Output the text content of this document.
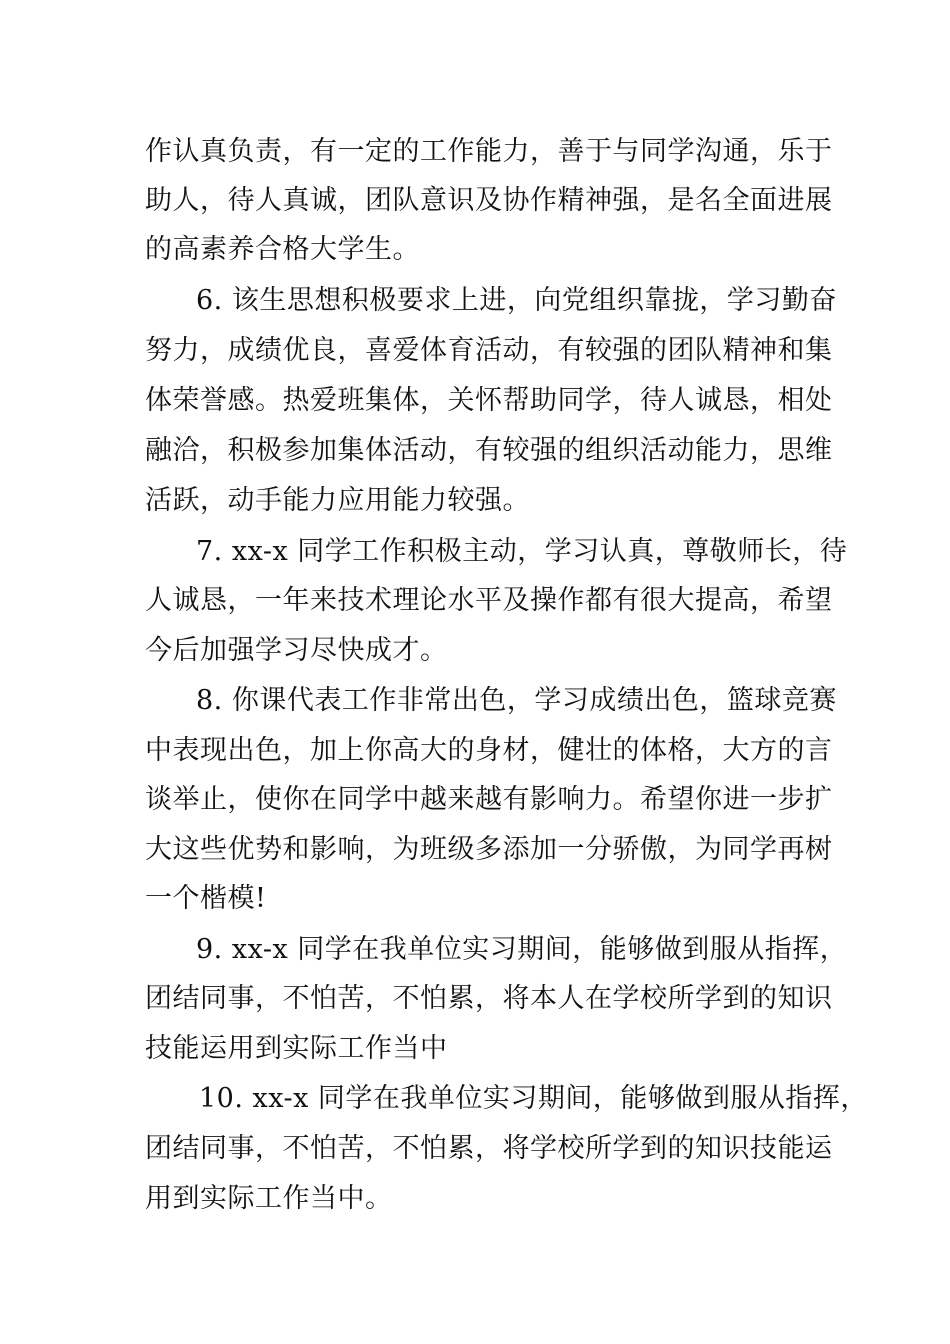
作认真负责，有一定的工作能力，善于与同学沟通，乐于
助人，待人真诚，团队意识及协作精神强，是名全面进展
的高素养合格大学生。
6. 该生思想积极要求上进，向党组织靠拢，学习勤奋
努力，成绩优良，喜爱体育活动，有较强的团队精神和集
体荣誉感。热爱班集体，关怀帮助同学，待人诚恳，相处
融洽，积极参加集体活动，有较强的组织活动能力，思维
活跃，动手能力应用能力较强。
7. xx-x 同学工作积极主动，学习认真，尊敬师长，待
人诚恳，一年来技术理论水平及操作都有很大提高，希望
今后加强学习尽快成才。
8. 你课代表工作非常出色，学习成绩出色，篮球竞赛
中表现出色，加上你高大的身材，健壮的体格，大方的言
谈举止，使你在同学中越来越有影响力。希望你进一步扩
大这些优势和影响，为班级多添加一分骄傲，为同学再树
一个楷模!
9. xx-x 同学在我单位实习期间，能够做到服从指挥，
团结同事，不怕苦，不怕累，将本人在学校所学到的知识
技能运用到实际工作当中
10. xx-x 同学在我单位实习期间，能够做到服从指挥，
团结同事，不怕苦，不怕累，将学校所学到的知识技能运
用到实际工作当中。
